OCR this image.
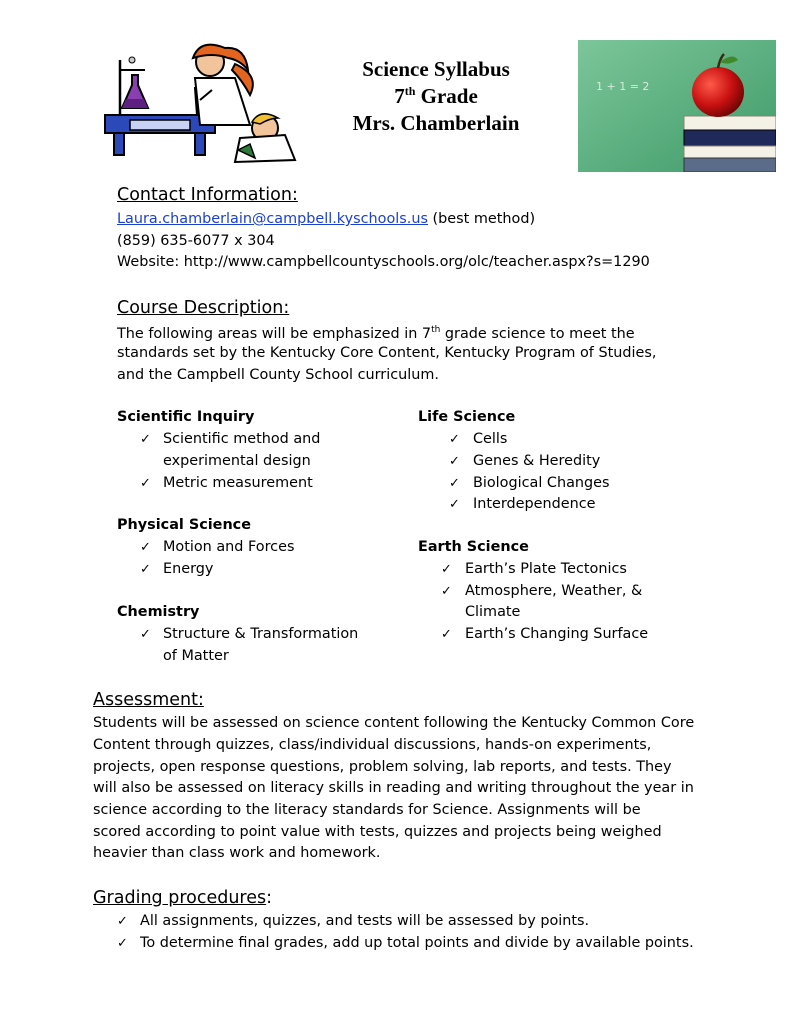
Science Syllabus
7th Grade
Mrs. Chamberlain
1 + 1 = 2
Contact Information:
Laura.chamberlain@campbell.kyschools.us (best method)
(859) 635-6077 x 304
Website: http://www.campbellcountyschools.org/olc/teacher.aspx?s=1290
Course Description:
The following areas will be emphasized in 7th grade science to meet the
standards set by the Kentucky Core Content, Kentucky Program of Studies,
and the Campbell County School curriculum.
Scientific Inquiry
✓ Scientific method and
experimental design
✓ Metric measurement
Physical Science
✓ Motion and Forces
✓ Energy
Chemistry
✓ Structure & Transformation
of Matter
Life Science
✓ Cells
✓ Genes & Heredity
✓ Biological Changes
✓ Interdependence
Earth Science
✓ Earth’s Plate Tectonics
✓ Atmosphere, Weather, &
Climate
✓ Earth’s Changing Surface
Assessment:
Students will be assessed on science content following the Kentucky Common Core
Content through quizzes, class/individual discussions, hands-on experiments,
projects, open response questions, problem solving, lab reports, and tests. They
will also be assessed on literacy skills in reading and writing throughout the year in
science according to the literacy standards for Science. Assignments will be
scored according to point value with tests, quizzes and projects being weighed
heavier than class work and homework.
Grading procedures:
✓ All assignments, quizzes, and tests will be assessed by points.
✓ To determine final grades, add up total points and divide by available points.
